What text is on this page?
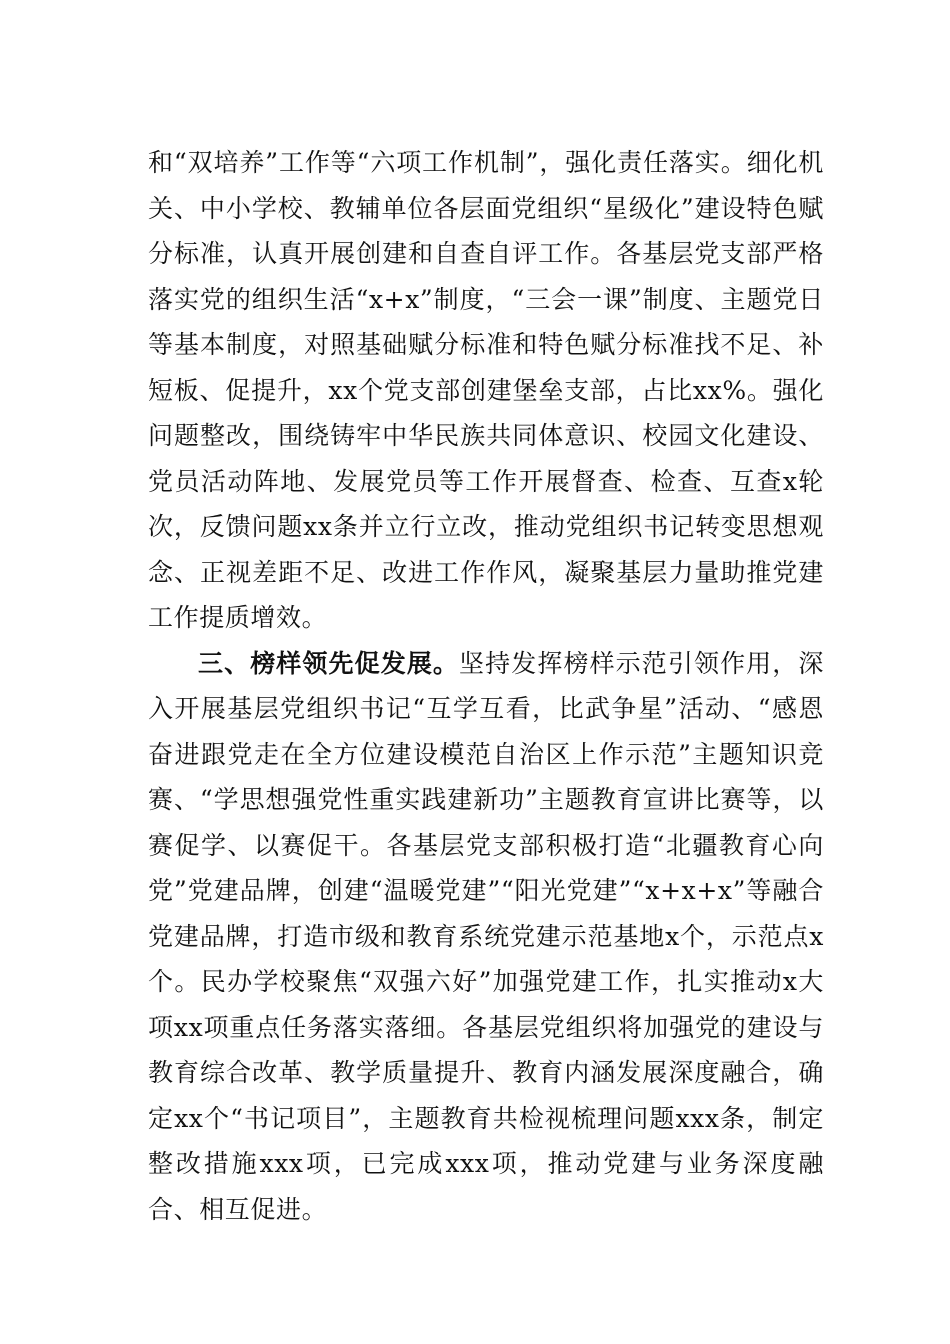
和“双培养”工作等“六项工作机制”，强化责任落实。细化机关、中小学校、教辅单位各层面党组织“星级化”建设特色赋分标准，认真开展创建和自查自评工作。各基层党支部严格落实党的组织生活“x+x”制度，“三会一课”制度、主题党日等基本制度，对照基础赋分标准和特色赋分标准找不足、补短板、促提升，xx个党支部创建堡垒支部，占比xx%。强化问题整改，围绕铸牢中华民族共同体意识、校园文化建设、党员活动阵地、发展党员等工作开展督查、检查、互查x轮次，反馈问题xx条并立行立改，推动党组织书记转变思想观念、正视差距不足、改进工作作风，凝聚基层力量助推党建工作提质增效。

三、榜样领先促发展。坚持发挥榜样示范引领作用，深入开展基层党组织书记“互学互看，比武争星”活动、“感恩奋进跟党走在全方位建设模范自治区上作示范”主题知识竞赛、“学思想强党性重实践建新功”主题教育宣讲比赛等，以赛促学、以赛促干。各基层党支部积极打造“北疆教育心向党”党建品牌，创建“温暖党建”“阳光党建”“x+x+x”等融合党建品牌，打造市级和教育系统党建示范基地x个，示范点x个。民办学校聚焦“双强六好”加强党建工作，扎实推动x大项xx项重点任务落实落细。各基层党组织将加强党的建设与教育综合改革、教学质量提升、教育内涵发展深度融合，确定xx个“书记项目”，主题教育共检视梳理问题xxx条，制定整改措施xxx项，已完成xxx项，推动党建与业务深度融合、相互促进。
